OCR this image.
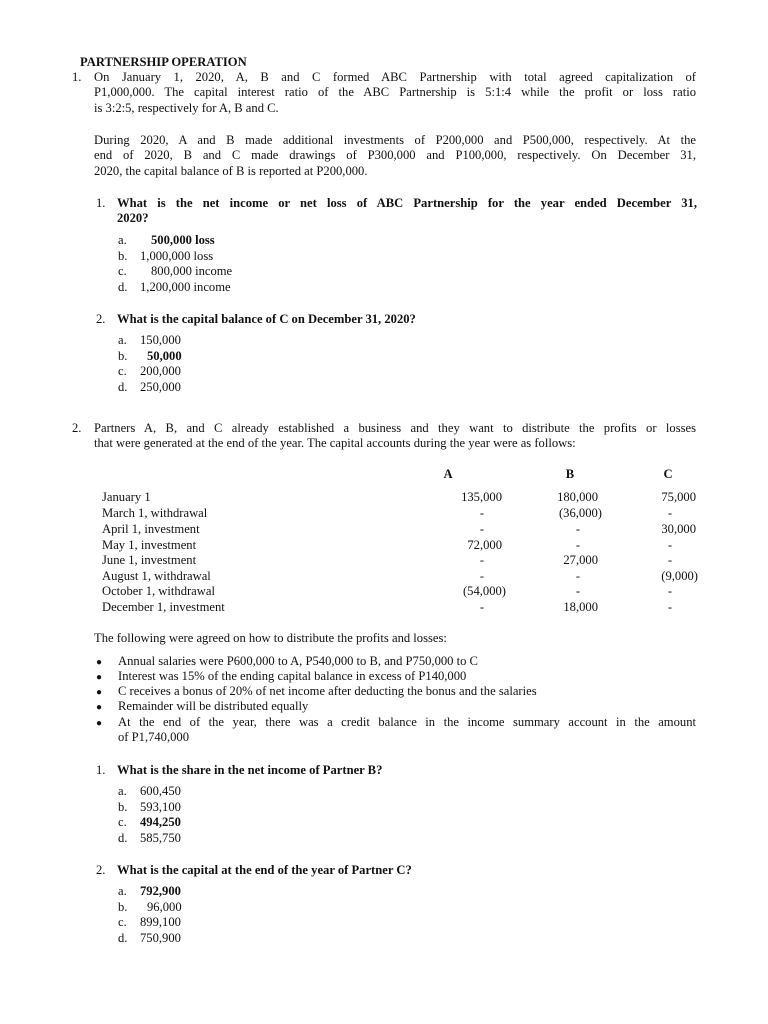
PARTNERSHIP OPERATION
1. On January 1, 2020, A, B and C formed ABC Partnership with total agreed capitalization of
P1,000,000. The capital interest ratio of the ABC Partnership is 5:1:4 while the profit or loss ratio
is 3:2:5, respectively for A, B and C.
During 2020, A and B made additional investments of P200,000 and P500,000, respectively. At the
end of 2020, B and C made drawings of P300,000 and P100,000, respectively. On December 31,
2020, the capital balance of B is reported at P200,000.
1. What is the net income or net loss of ABC Partnership for the year ended December 31,
2020?
a. 500,000 loss
b. 1,000,000 loss
c. 800,000 income
d. 1,200,000 income
2. What is the capital balance of C on December 31, 2020?
a. 150,000
b. 50,000
c. 200,000
d. 250,000
2. Partners A, B, and C already established a business and they want to distribute the profits or losses
that were generated at the end of the year. The capital accounts during the year were as follows:
A	B	C
January 1	135,000	180,000	75,000
March 1, withdrawal	-	(36,000)	-
April 1, investment	-	-	30,000
May 1, investment	72,000	-	-
June 1, investment	-	27,000	-
August 1, withdrawal	-	-	(9,000)
October 1, withdrawal	(54,000)	-	-
December 1, investment	-	18,000	-
The following were agreed on how to distribute the profits and losses:
● Annual salaries were P600,000 to A, P540,000 to B, and P750,000 to C
● Interest was 15% of the ending capital balance in excess of P140,000
● C receives a bonus of 20% of net income after deducting the bonus and the salaries
● Remainder will be distributed equally
● At the end of the year, there was a credit balance in the income summary account in the amount
of P1,740,000
1. What is the share in the net income of Partner B?
a. 600,450
b. 593,100
c. 494,250
d. 585,750
2. What is the capital at the end of the year of Partner C?
a. 792,900
b. 96,000
c. 899,100
d. 750,900
